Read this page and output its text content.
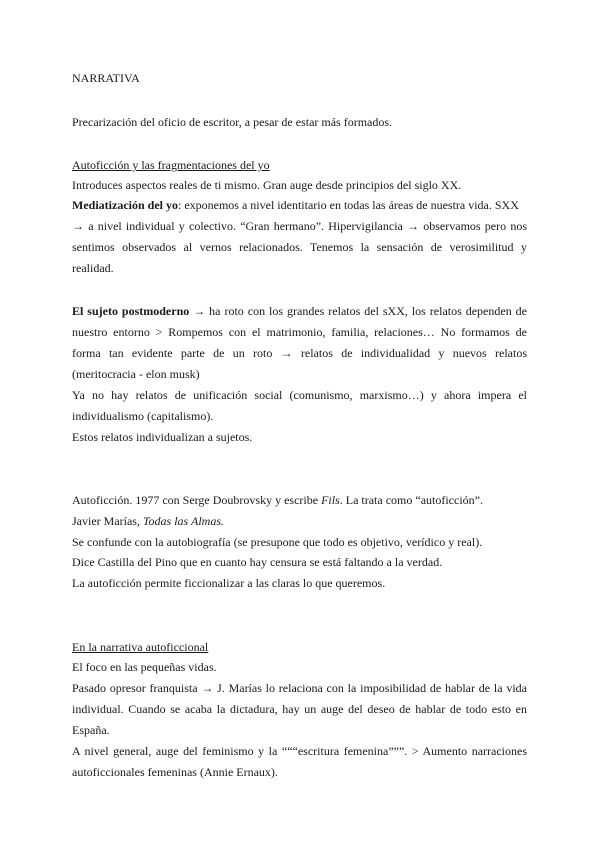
NARRATIVA
Precarización del oficio de escritor, a pesar de estar más formados.
Autoficción y las fragmentaciones del yo
Introduces aspectos reales de ti mismo. Gran auge desde principios del siglo XX.
Mediatización del yo: exponemos a nivel identitario en todas las áreas de nuestra vida. SXX
→ a nivel individual y colectivo. “Gran hermano”. Hipervigilancia → observamos pero nos
sentimos observados al vernos relacionados. Tenemos la sensación de verosimilitud y
realidad.
El sujeto postmoderno → ha roto con los grandes relatos del sXX, los relatos dependen de
nuestro entorno > Rompemos con el matrimonio, familia, relaciones… No formamos de
forma tan evidente parte de un roto → relatos de individualidad y nuevos relatos
(meritocracia - elon musk)
Ya no hay relatos de unificación social (comunismo, marxismo…) y ahora impera el
individualismo (capitalismo).
Estos relatos individualizan a sujetos.
Autoficción. 1977 con Serge Doubrovsky y escribe Fils. La trata como “autoficción”.
Javier Marías, Todas las Almas.
Se confunde con la autobiografía (se presupone que todo es objetivo, verídico y real).
Dice Castilla del Pino que en cuanto hay censura se está faltando a la verdad.
La autoficción permite ficcionalizar a las claras lo que queremos.
En la narrativa autoficcional
El foco en las pequeñas vidas.
Pasado opresor franquista → J. Marías lo relaciona con la imposibilidad de hablar de la vida
individual. Cuando se acaba la dictadura, hay un auge del deseo de hablar de todo esto en
España.
A nivel general, auge del feminismo y la “““escritura femenina”””. > Aumento narraciones
autoficcionales femeninas (Annie Ernaux).
